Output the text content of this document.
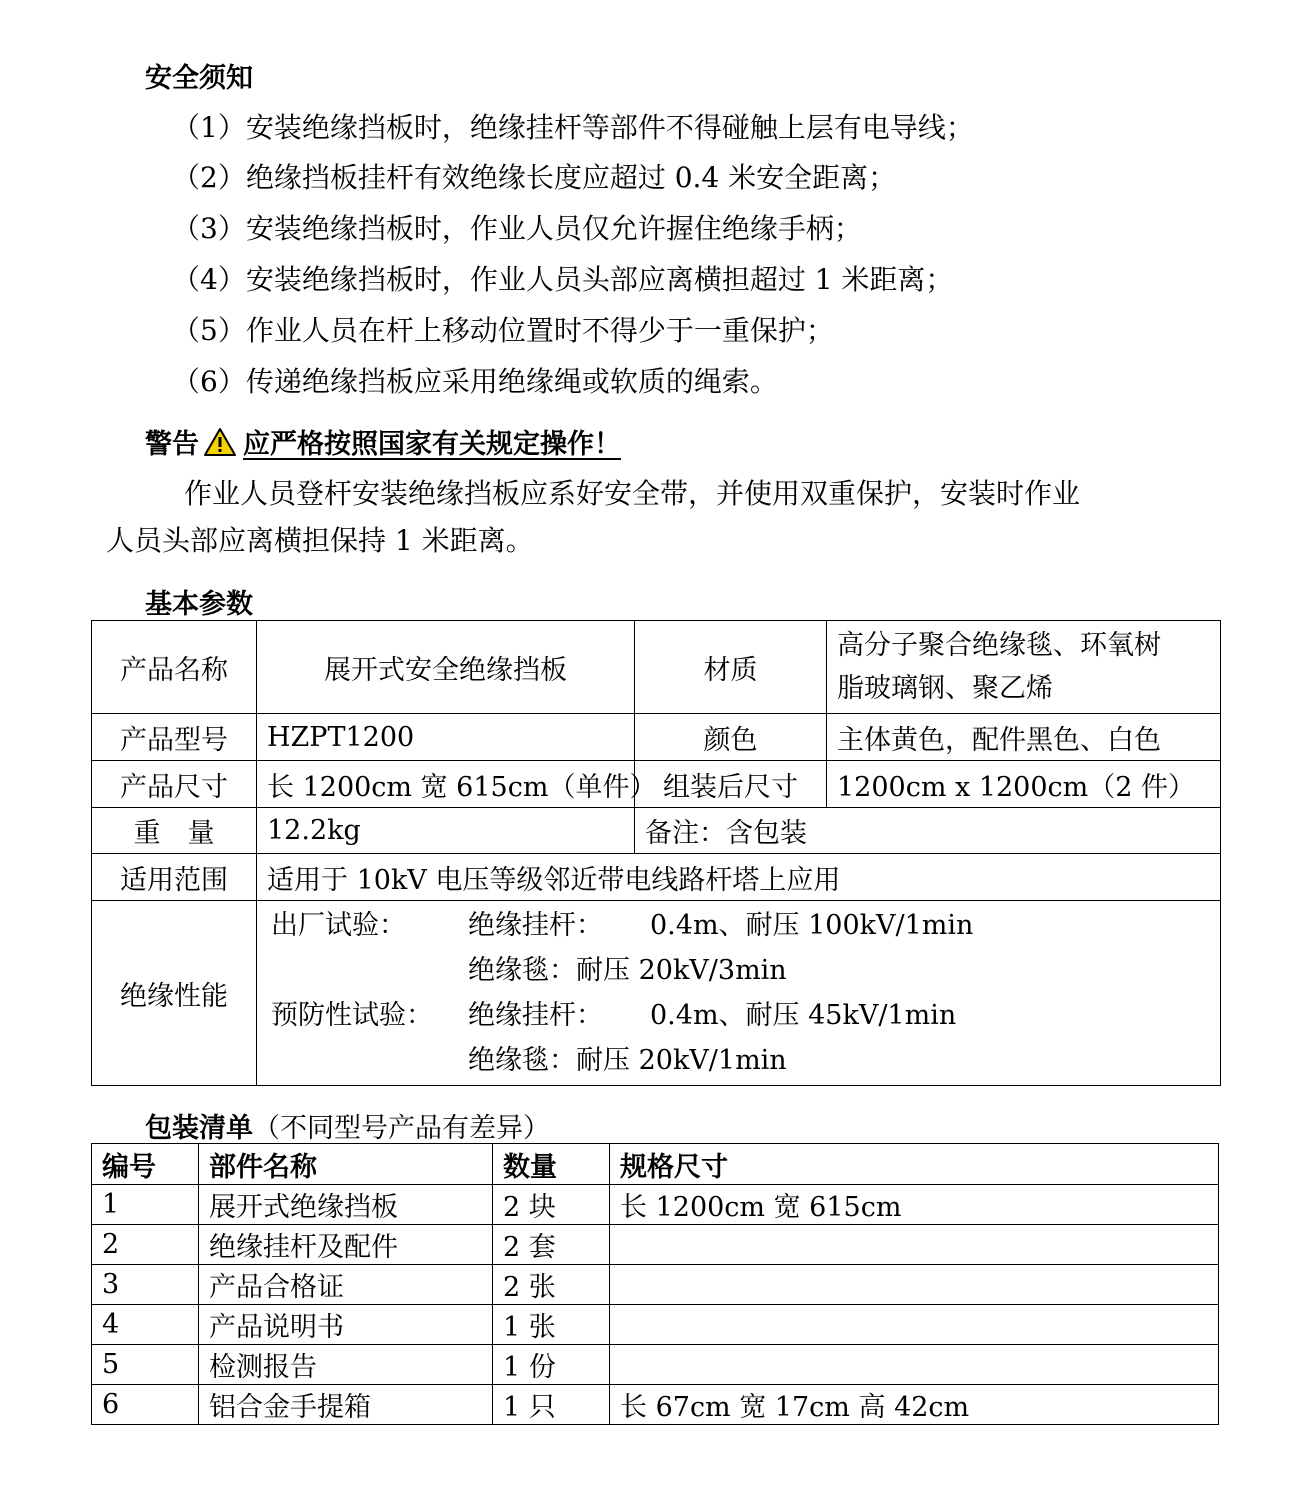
安全须知
（1）安装绝缘挡板时，绝缘挂杆等部件不得碰触上层有电导线；
（2）绝缘挡板挂杆有效绝缘长度应超过 0.4 米安全距离；
（3）安装绝缘挡板时，作业人员仅允许握住绝缘手柄；
（4）安装绝缘挡板时，作业人员头部应离横担超过 1 米距离；
（5）作业人员在杆上移动位置时不得少于一重保护；
（6）传递绝缘挡板应采用绝缘绳或软质的绳索。
警告 应严格按照国家有关规定操作！
作业人员登杆安装绝缘挡板应系好安全带，并使用双重保护，安装时作业
人员头部应离横担保持 1 米距离。
基本参数
产品名称	展开式安全绝缘挡板	材质	
高分子聚合绝缘毯、环氧树
脂玻璃钢、聚乙烯

产品型号	HZPT1200	颜色	主体黄色，配件黑色、白色
产品尺寸	长 1200cm 宽 615cm（单件）	组装后尺寸	1200cm x 1200cm（2 件）
重　量	12.2kg	备注：含包装
适用范围	适用于 10kV 电压等级邻近带电线路杆塔上应用
绝缘性能	
出厂试验：	绝缘挂杆：	0.4m、耐压 100kV/1min
	绝缘毯：耐压 20kV/3min
预防性试验：	绝缘挂杆：	0.4m、耐压 45kV/1min
	绝缘毯：耐压 20kV/1min
包装清单（不同型号产品有差异）
编号	部件名称	数量	规格尺寸
1	展开式绝缘挡板	2 块	长 1200cm 宽 615cm
2	绝缘挂杆及配件	2 套	
3	产品合格证	2 张	
4	产品说明书	1 张	
5	检测报告	1 份	
6	铝合金手提箱	1 只	长 67cm 宽 17cm 高 42cm
